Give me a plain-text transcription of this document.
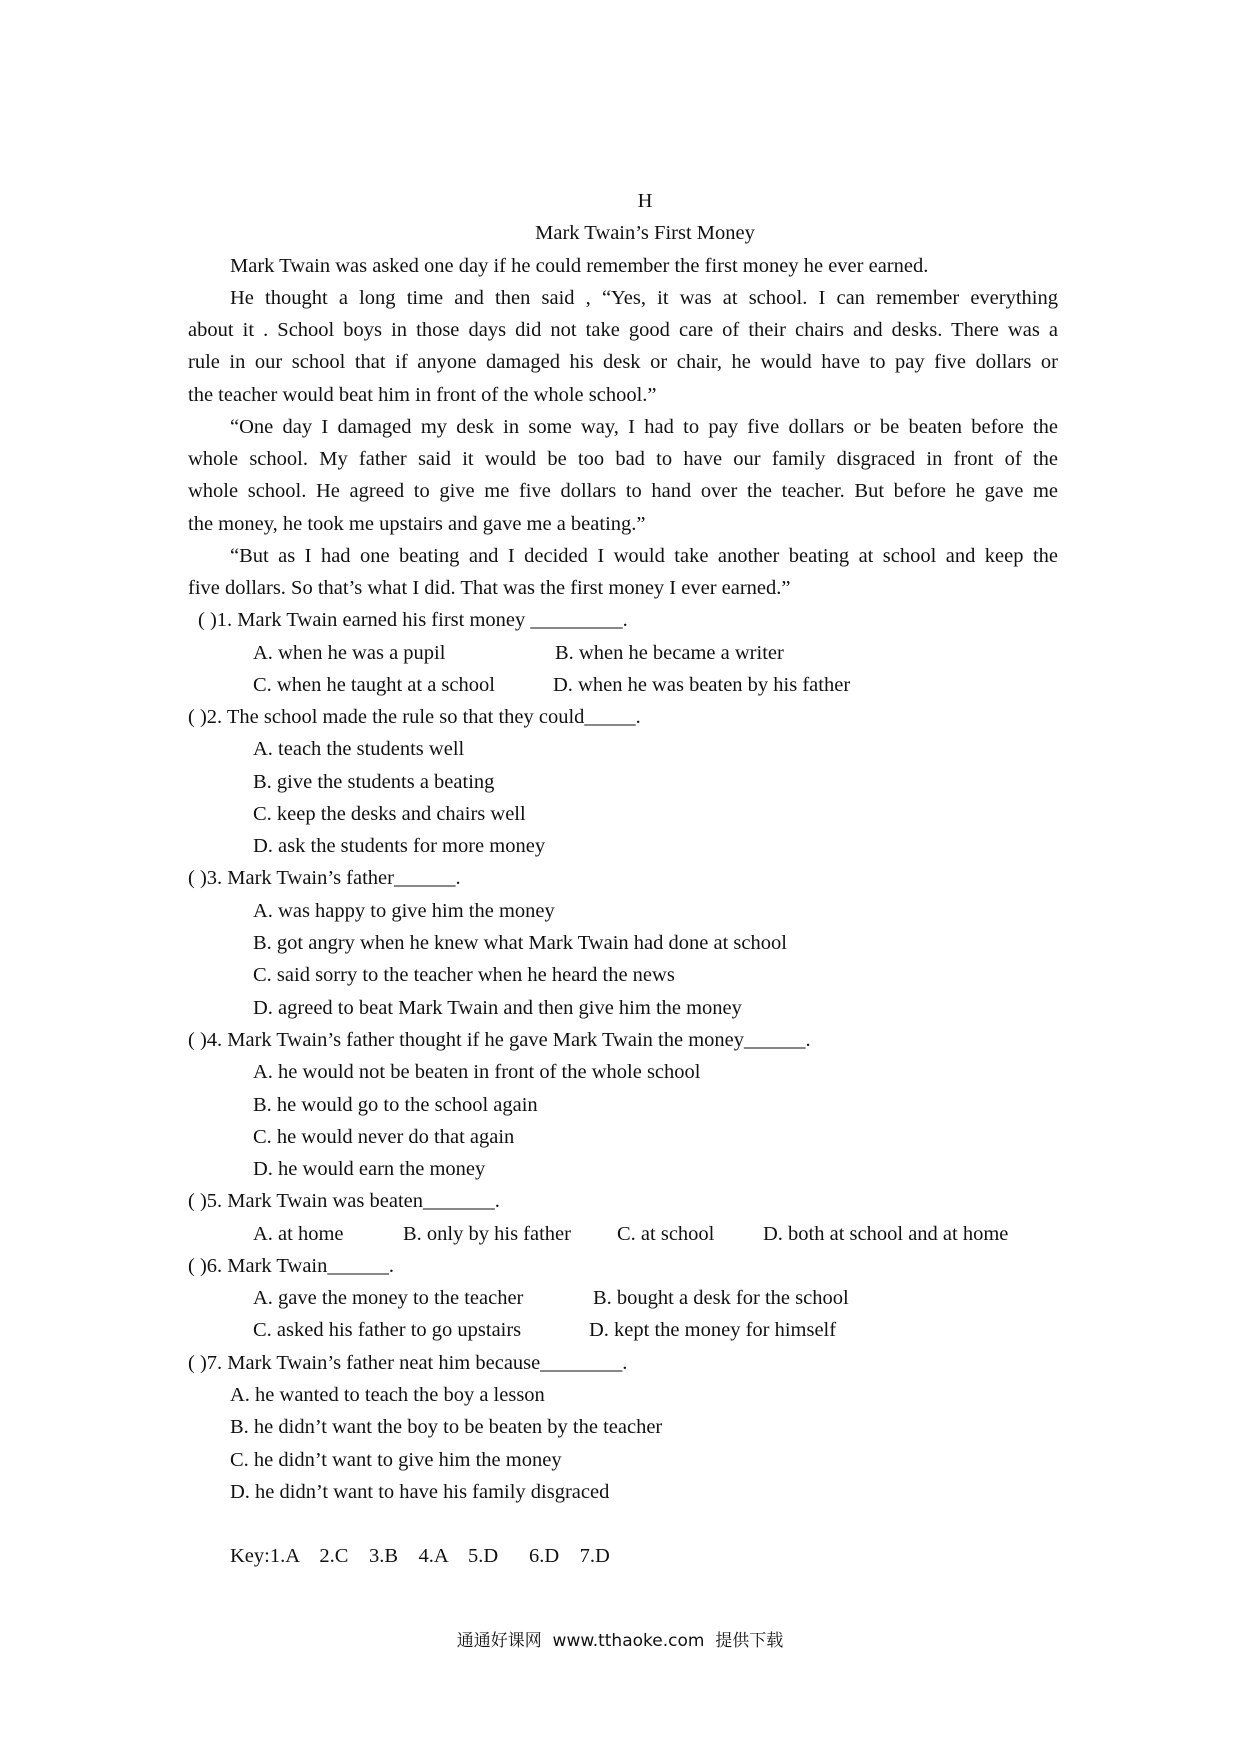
H
Mark Twain’s First Money
Mark Twain was asked one day if he could remember the first money he ever earned.
He thought a long time and then said , “Yes, it was at school. I can remember everything
about it . School boys in those days did not take good care of their chairs and desks. There was a
rule in our school that if anyone damaged his desk or chair, he would have to pay five dollars or
the teacher would beat him in front of the whole school.”
“One day I damaged my desk in some way, I had to pay five dollars or be beaten before the
whole school. My father said it would be too bad to have our family disgraced in front of the
whole school. He agreed to give me five dollars to hand over the teacher. But before he gave me
the money, he took me upstairs and gave me a beating.”
“But as I had one beating and I decided I would take another beating at school and keep the
five dollars. So that’s what I did. That was the first money I ever earned.”
( )1. Mark Twain earned his first money _________.
A. when he was a pupil	B. when he became a writer
C. when he taught at a school	D. when he was beaten by his father
( )2. The school made the rule so that they could_____.
A. teach the students well
B. give the students a beating
C. keep the desks and chairs well
D. ask the students for more money
( )3. Mark Twain’s father______.
A. was happy to give him the money
B. got angry when he knew what Mark Twain had done at school
C. said sorry to the teacher when he heard the news
D. agreed to beat Mark Twain and then give him the money
( )4. Mark Twain’s father thought if he gave Mark Twain the money______.
A. he would not be beaten in front of the whole school
B. he would go to the school again
C. he would never do that again
D. he would earn the money
( )5. Mark Twain was beaten_______.
A. at home	B. only by his father C. at school D. both at school and at home
( )6. Mark Twain______.
A. gave the money to the teacher	B. bought a desk for the school
C. asked his father to go upstairs	D. kept the money for himself
( )7. Mark Twain’s father neat him because________.
A. he wanted to teach the boy a lesson
B. he didn’t want the boy to be beaten by the teacher
C. he didn’t want to give him the money
D. he didn’t want to have his family disgraced
Key:1.A    2.C    3.B    4.A    5.D      6.D    7.D
通通好课网  www.tthaoke.com  提供下载
